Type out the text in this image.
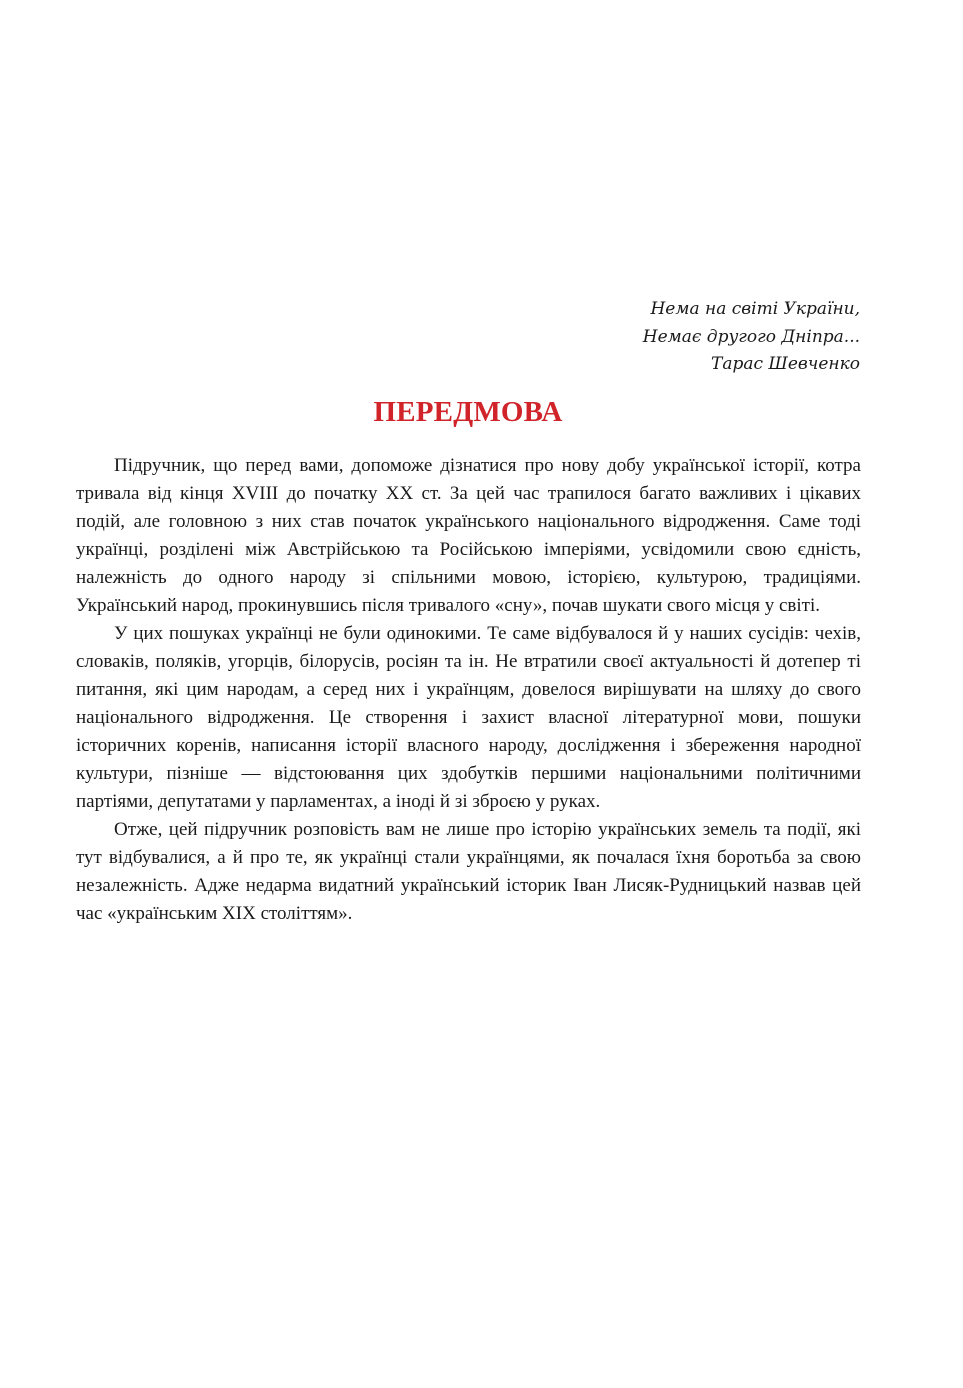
Нема на світі України,
Немає другого Дніпра...
Тарас Шевченко
ПЕРЕДМОВА

Підручник, що перед вами, допоможе дізнатися про нову добу української історії, котра тривала від кінця XVIII до початку XX ст. За цей час трапилося багато важливих і цікавих подій, але головною з них став початок українського національного відродження. Саме тоді українці, розділені між Австрійською та Російською імперіями, усвідомили свою єдність, належність до одного народу зі спільними мовою, історією, культурою, традиціями. Український народ, прокинувшись після тривалого «сну», почав шукати свого місця у світі.

У цих пошуках українці не були одинокими. Те саме відбувалося й у наших сусідів: чехів, словаків, поляків, угорців, білорусів, росіян та ін. Не втратили своєї актуальності й дотепер ті питання, які цим народам, а серед них і українцям, довелося вирішувати на шляху до свого національного відродження. Це створення і захист власної літературної мови, пошуки історичних коренів, написання історії власного народу, дослідження і збереження народної культури, пізніше — відстоювання цих здобутків першими національними політичними партіями, депутатами у парламентах, а іноді й зі зброєю у руках.

Отже, цей підручник розповість вам не лише про історію українських земель та події, які тут відбувалися, а й про те, як українці стали українцями, як почалася їхня боротьба за свою незалежність. Адже недарма видатний український історик Іван Лисяк-Рудницький назвав цей час «українським XIX століттям».
